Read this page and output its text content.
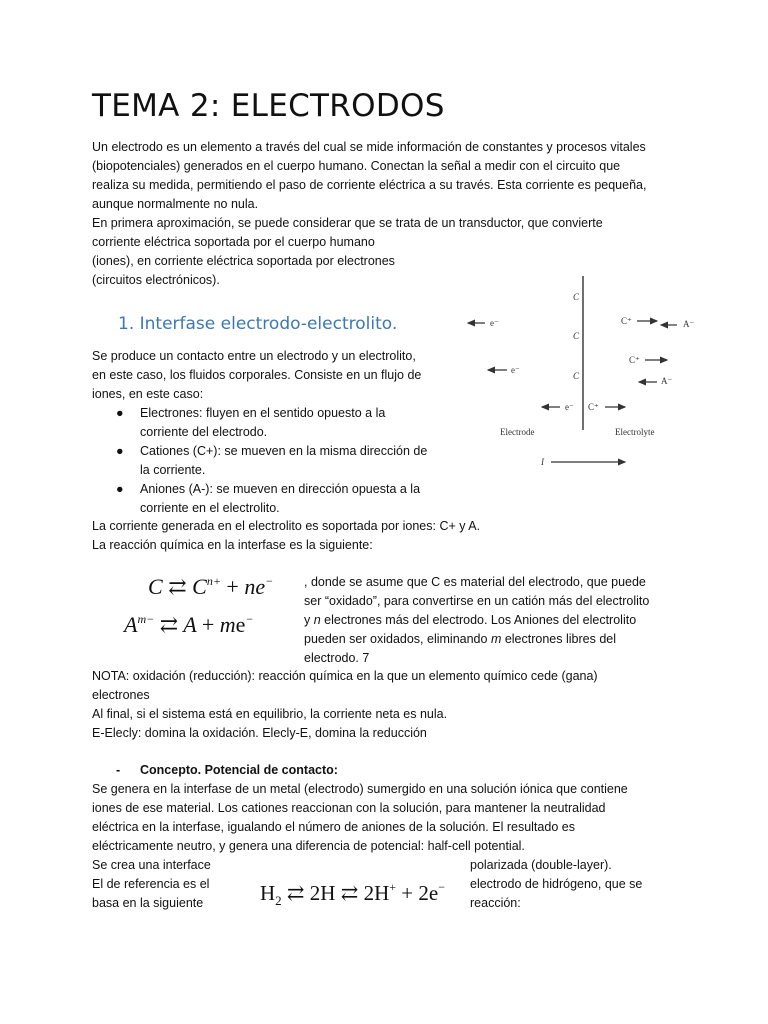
TEMA 2: ELECTRODOS
Un electrodo es un elemento a través del cual se mide información de constantes y procesos vitales
(biopotenciales) generados en el cuerpo humano. Conectan la señal a medir con el circuito que
realiza su medida, permitiendo el paso de corriente eléctrica a su través. Esta corriente es pequeña,
aunque normalmente no nula.
En primera aproximación, se puede considerar que se trata de un transductor, que convierte
corriente eléctrica soportada por el cuerpo humano
(iones), en corriente eléctrica soportada por electrones
(circuitos electrónicos).
1. Interfase electrodo-electrolito.
Se produce un contacto entre un electrodo y un electrolito,
en este caso, los fluidos corporales. Consiste en un flujo de
iones, en este caso:
● Electrones: fluyen en el sentido opuesto a la
corriente del electrodo.
● Cationes (C+): se mueven en la misma dirección de
la corriente.
● Aniones (A-): se mueven en dirección opuesta a la
corriente en el electrolito.
La corriente generada en el electrolito es soportada por iones: C+ y A.
La reacción química en la interfase es la siguiente:
C
C
C
e⁻
e⁻
e⁻
C⁺	A⁻
C⁺
A⁻
C⁺
Electrode	Electrolyte
I
C ⇄ $C^{n+} + ne^-$
$A^{m-}$ ⇄ A + me−
, donde se asume que C es material del electrodo, que puede
ser “oxidado”, para convertirse en un catión más del electrolito
y n electrones más del electrodo. Los Aniones del electrolito
pueden ser oxidados, eliminando m electrones libres del
electrodo. 7
NOTA: oxidación (reducción): reacción química en la que un elemento químico cede (gana)
electrones
Al final, si el sistema está en equilibrio, la corriente neta es nula.
E-Elecly: domina la oxidación. Elecly-E, domina la reducción
- Concepto. Potencial de contacto:
Se genera en la interfase de un metal (electrodo) sumergido en una solución iónica que contiene
iones de ese material. Los cationes reaccionan con la solución, para mantener la neutralidad
eléctrica en la interfase, igualando el número de aniones de la solución. El resultado es
eléctricamente neutro, y genera una diferencia de potencial: half-cell potential.
Se crea una interface
El de referencia es el
basa en la siguiente
polarizada (double-layer).
electrodo de hidrógeno, que se
reacción:
$H_2$ ⇄ 2H ⇄ 2H+ + 2e−
